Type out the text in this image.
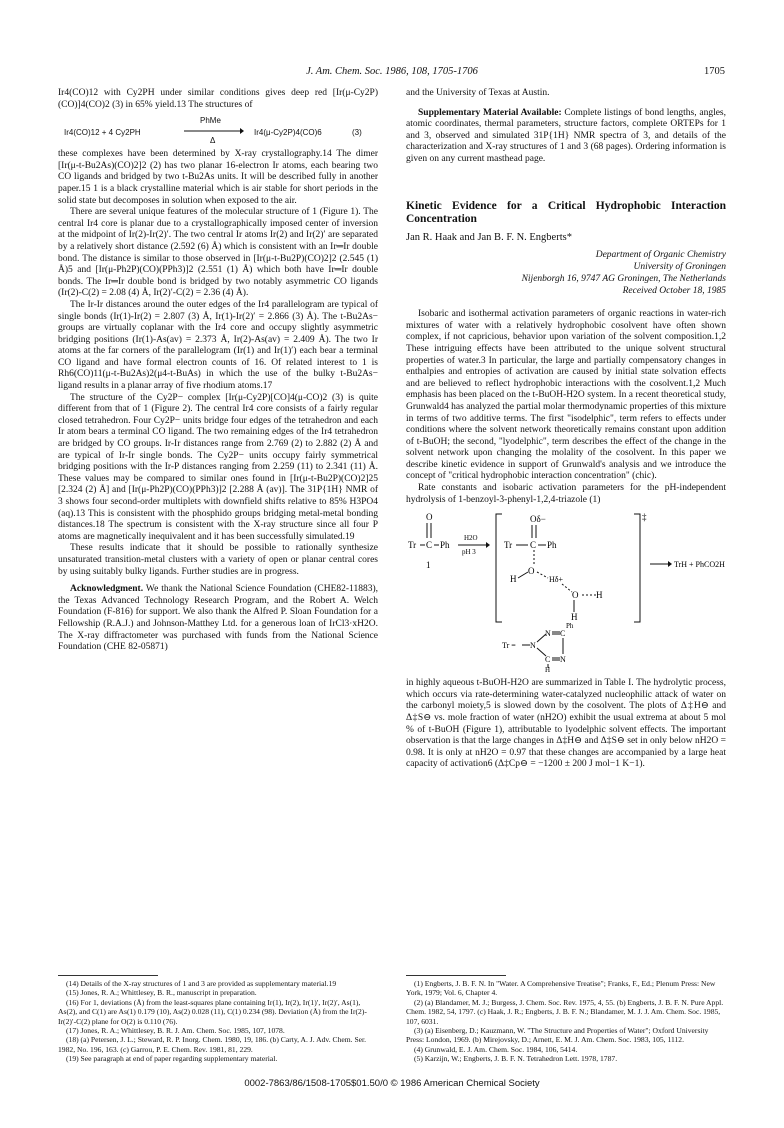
J. Am. Chem. Soc. 1986, 108, 1705-1706	1705

Ir4(CO)12 with Cy2PH under similar conditions gives deep red [Ir(μ-Cy2P)(CO)]4(CO)2 (3) in 65% yield.13 The structures of

Ir4(CO)12 + 4 Cy2PH
PhMe
Δ
Ir4(μ-Cy2P)4(CO)6	(3)

these complexes have been determined by X-ray crystallography.14 The dimer [Ir(μ-t-Bu2As)(CO)2]2 (2) has two planar 16-electron Ir atoms, each bearing two CO ligands and bridged by two t-Bu2As units. It will be described fully in another paper.15 1 is a black crystalline material which is air stable for short periods in the solid state but decomposes in solution when exposed to the air.

There are several unique features of the molecular structure of 1 (Figure 1). The central Ir4 core is planar due to a crystallographically imposed center of inversion at the midpoint of Ir(2)-Ir(2)′. The two central Ir atoms Ir(2) and Ir(2)′ are separated by a relatively short distance (2.592 (6) Å) which is consistent with an Ir═Ir double bond. The distance is similar to those observed in [Ir(μ-t-Bu2P)(CO)2]2 (2.545 (1) Å)5 and [Ir(μ-Ph2P)(CO)(PPh3)]2 (2.551 (1) Å) which both have Ir═Ir double bonds. The Ir═Ir double bond is bridged by two notably asymmetric CO ligands (Ir(2)-C(2) = 2.08 (4) Å, Ir(2)′-C(2) = 2.36 (4) Å).

The Ir-Ir distances around the outer edges of the Ir4 parallelogram are typical of single bonds (Ir(1)-Ir(2) = 2.807 (3) Å, Ir(1)-Ir(2)′ = 2.866 (3) Å). The t-Bu2As− groups are virtually coplanar with the Ir4 core and occupy slightly asymmetric bridging positions (Ir(1)-As(av) = 2.373 Å, Ir(2)-As(av) = 2.409 Å). The two Ir atoms at the far corners of the parallelogram (Ir(1) and Ir(1)′) each bear a terminal CO ligand and have formal electron counts of 16. Of related interest to 1 is Rh6(CO)11(μ-t-Bu2As)2(μ4-t-BuAs) in which the use of the bulky t-Bu2As− ligand results in a planar array of five rhodium atoms.17

The structure of the Cy2P− complex [Ir(μ-Cy2P)[CO]4(μ-CO)2 (3) is quite different from that of 1 (Figure 2). The central Ir4 core consists of a fairly regular closed tetrahedron. Four Cy2P− units bridge four edges of the tetrahedron and each Ir atom bears a terminal CO ligand. The two remaining edges of the Ir4 tetrahedron are bridged by CO groups. Ir-Ir distances range from 2.769 (2) to 2.882 (2) Å and are typical of Ir-Ir single bonds. The Cy2P− units occupy fairly symmetrical bridging positions with the Ir-P distances ranging from 2.259 (11) to 2.341 (11) Å. These values may be compared to similar ones found in [Ir(μ-t-Bu2P)(CO)2]25 [2.324 (2) Å] and [Ir(μ-Ph2P)(CO)(PPh3)]2 [2.288 Å (av)]. The 31P{1H} NMR of 3 shows four second-order multiplets with downfield shifts relative to 85% H3PO4 (aq).13 This is consistent with the phosphido groups bridging metal-metal bonding distances.18 The spectrum is consistent with the X-ray structure since all four P atoms are magnetically inequivalent and it has been successfully simulated.19

These results indicate that it should be possible to rationally synthesize unsaturated transition-metal clusters with a variety of open or planar central cores by using suitably bulky ligands. Further studies are in progress.

Acknowledgment. We thank the National Science Foundation (CHE82-11883), the Texas Advanced Technology Research Program, and the Robert A. Welch Foundation (F-816) for support. We also thank the Alfred P. Sloan Foundation for a Fellowship (R.A.J.) and Johnson-Matthey Ltd. for a generous loan of IrCl3·xH2O. The X-ray diffractometer was purchased with funds from the National Science Foundation (CHE 82-05871)

(14) Details of the X-ray structures of 1 and 3 are provided as supplementary material.19
(15) Jones, R. A.; Whittlesey, B. R., manuscript in preparation.
(16) For 1, deviations (Å) from the least-squares plane containing Ir(1), Ir(2), Ir(1)′, Ir(2)′, As(1), As(2), and C(1) are As(1) 0.179 (10), As(2) 0.028 (11), C(1) 0.234 (98). Deviation (Å) from the Ir(2)-Ir(2)′-C(2) plane for O(2) is 0.110 (76).
(17) Jones, R. A.; Whittlesey, B. R. J. Am. Chem. Soc. 1985, 107, 1078.
(18) (a) Petersen, J. L.; Steward, R. P. Inorg. Chem. 1980, 19, 186. (b) Carty, A. J. Adv. Chem. Ser. 1982, No. 196, 163. (c) Garrou, P. E. Chem. Rev. 1981, 81, 229.
(19) See paragraph at end of paper regarding supplementary material.

and the University of Texas at Austin.

Supplementary Material Available: Complete listings of bond lengths, angles, atomic coordinates, thermal parameters, structure factors, complete ORTEPs for 1 and 3, observed and simulated 31P{1H} NMR spectra of 3, and details of the characterization and X-ray structures of 1 and 3 (68 pages). Ordering information is given on any current masthead page.

Kinetic Evidence for a Critical Hydrophobic Interaction Concentration
Jan R. Haak and Jan B. F. N. Engberts*
Department of Organic Chemistry
University of Groningen
Nijenborgh 16, 9747 AG Groningen, The Netherlands
Received October 18, 1985

Isobaric and isothermal activation parameters of organic reactions in water-rich mixtures of water with a relatively hydrophobic cosolvent have often shown complex, if not capricious, behavior upon variation of the solvent composition.1,2 These intriguing effects have been attributed to the unique solvent structural properties of water.3 In particular, the large and partially compensatory changes in enthalpies and entropies of activation are caused by initial state solvation effects and are believed to reflect hydrophobic interactions with the cosolvent.1,2 Much emphasis has been placed on the t-BuOH-H2O system. In a recent theoretical study, Grunwald4 has analyzed the partial molar thermodynamic properties of this mixture in terms of two additive terms. The first "isodelphic", term refers to effects under conditions where the solvent network theoretically remains constant upon addition of t-BuOH; the second, "lyodelphic", term describes the effect of the change in the solvent network upon changing the molality of the cosolvent. In this paper we describe kinetic evidence in support of Grunwald's analysis and we introduce the concept of "critical hydrophobic interaction concentration" (chic).

Rate constants and isobaric activation parameters for the pH-independent hydrolysis of 1-benzoyl-3-phenyl-1,2,4-triazole (1)

O
Tr C Ph
1
H2O
pH 3
‡
Oδ−
Tr C Ph
H
O
Hδ+
O H
H
TrH + PhCO2H
Tr = N
N C
Ph
C N
H

in highly aqueous t-BuOH-H2O are summarized in Table I. The hydrolytic process, which occurs via rate-determining water-catalyzed nucleophilic attack of water on the carbonyl moiety,5 is slowed down by the cosolvent. The plots of Δ‡H⊖ and Δ‡S⊖ vs. mole fraction of water (nH2O) exhibit the usual extrema at about 5 mol % of t-BuOH (Figure 1), attributable to lyodelphic solvent effects. The important observation is that the large changes in Δ‡H⊖ and Δ‡S⊖ set in only below nH2O = 0.98. It is only at nH2O = 0.97 that these changes are accompanied by a large heat capacity of activation6 (Δ‡Cp⊖ = −1200 ± 200 J mol−1 K−1).

(1) Engberts, J. B. F. N. In "Water. A Comprehensive Treatise"; Franks, F., Ed.; Plenum Press: New York, 1979; Vol. 6, Chapter 4.
(2) (a) Blandamer, M. J.; Burgess, J. Chem. Soc. Rev. 1975, 4, 55. (b) Engberts, J. B. F. N. Pure Appl. Chem. 1982, 54, 1797. (c) Haak, J. R.; Engberts, J. B. F. N.; Blandamer, M. J. J. Am. Chem. Soc. 1985, 107, 6031.
(3) (a) Eisenberg, D.; Kauzmann, W. "The Structure and Properties of Water"; Oxford University Press: London, 1969. (b) Mirejovsky, D.; Arnett, E. M. J. Am. Chem. Soc. 1983, 105, 1112.
(4) Grunwald, E. J. Am. Chem. Soc. 1984, 106, 5414.
(5) Karzijn, W.; Engberts, J. B. F. N. Tetrahedron Lett. 1978, 1787.
0002-7863/86/1508-1705$01.50/0 © 1986 American Chemical Society
